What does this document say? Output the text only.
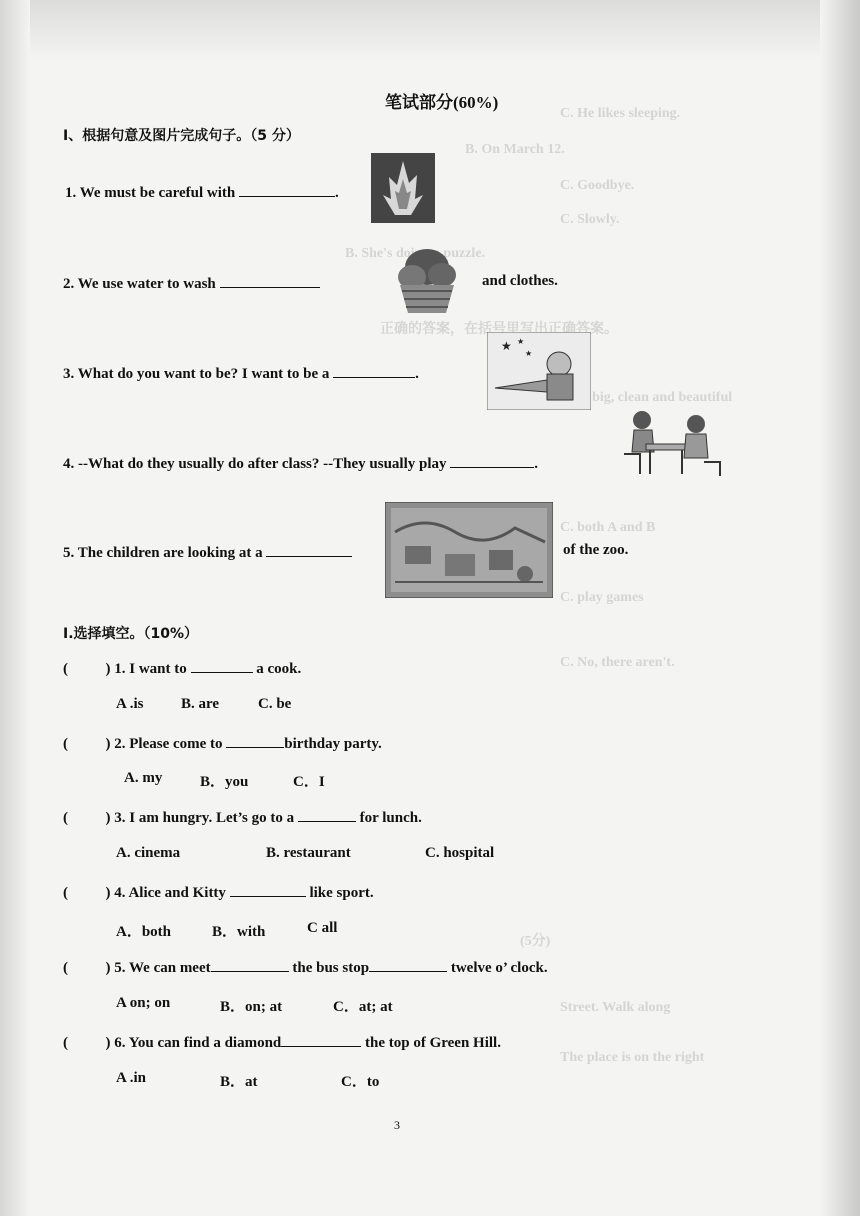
C. He likes sleeping.
B. On March 12.
C. Goodbye.
C. Slowly.
B. She's puzzle.
正确的答案，在括号里写出正确答案。
C. big, clean and beautiful
C. both A and B
C. play games
C. No, there aren't.
(5分)
Street. Walk along
The place is on the right
笔试部分(60%)
Ⅰ、根据句意及图片完成句子。（5 分）
1. We must be careful with	.
2. We use water to wash	and clothes.
3. What do you want to be? I want to be a	.
★ ★
★
4. --What do they usually do after class? --They usually play	.
5. The children are looking at a	of the zoo.
Ⅰ.选择填空。（10%）
(	) 1. I want to	a cook.
A .is B. are	C. be
(	) 2. Please come to	birthday party.
A. my	B．you	C．I
(	) 3. I am hungry. Let’s go to a	for lunch.
A. cinema	B. restaurant	C. hospital
(	) 4. Alice and Kitty	like sport.
A．both	B．with	C all
(	) 5. We can meet	the bus stop	twelve o’ clock.
A on; on	B．on; at	C．at; at
(	) 6. You can find a diamond	the top of Green Hill.
A .in	B．at	C．to
3
